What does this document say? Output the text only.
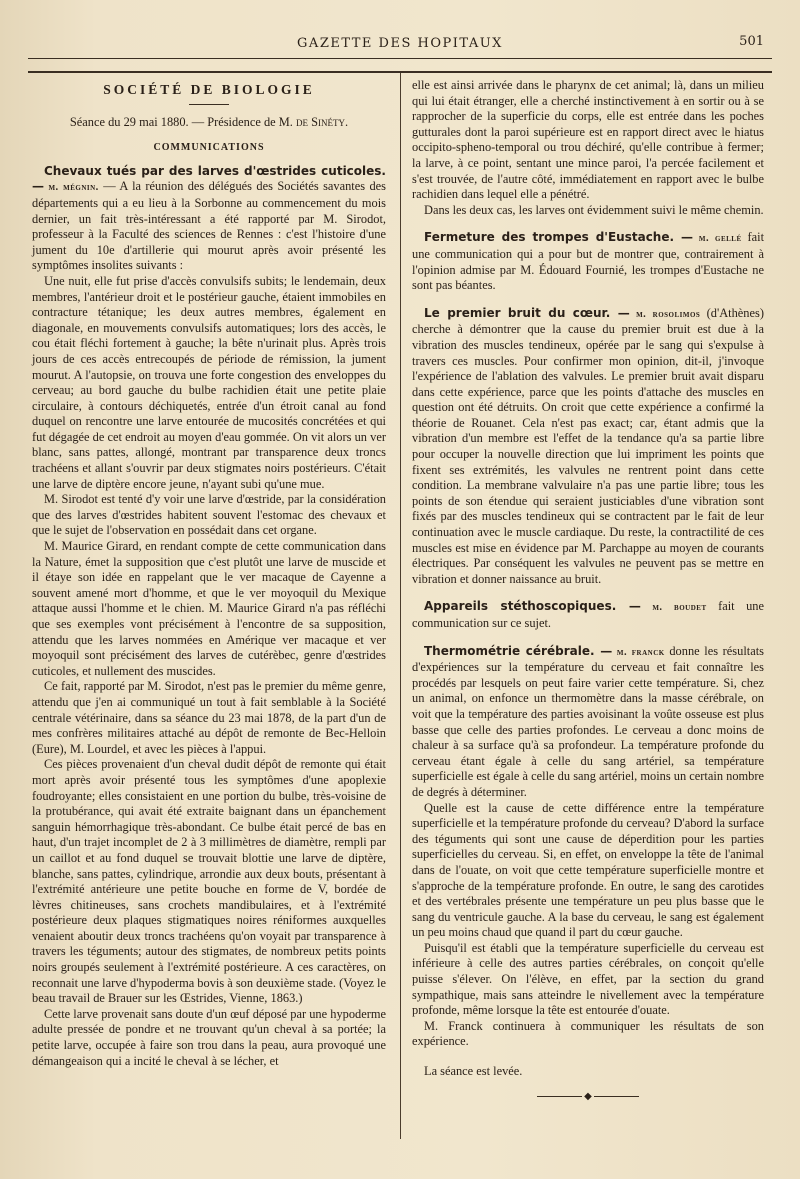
GAZETTE DES HOPITAUX	501

SOCIÉTÉ DE BIOLOGIE

Séance du 29 mai 1880. — Présidence de M. de Sinéty.

COMMUNICATIONS

Chevaux tués par des larves d'œstrides cuticoles. — m. mégnin. — A la réunion des délégués des Sociétés savantes des départements qui a eu lieu à la Sorbonne au commencement du mois dernier, un fait très-intéressant a été rapporté par M. Sirodot, professeur à la Faculté des sciences de Rennes : c'est l'histoire d'une jument du 10e d'artillerie qui mourut après avoir présenté les symptômes insolites suivants :

Une nuit, elle fut prise d'accès convulsifs subits; le lendemain, deux membres, l'antérieur droit et le postérieur gauche, étaient immobiles en contracture tétanique; les deux autres membres, également en diagonale, en mouvements convulsifs automatiques; lors des accès, le cou était fléchi fortement à gauche; la bête n'urinait plus. Après trois jours de ces accès entrecoupés de période de rémission, la jument mourut. A l'autopsie, on trouva une forte congestion des enveloppes du cerveau; au bord gauche du bulbe rachidien était une petite plaie circulaire, à contours déchiquetés, entrée d'un étroit canal au fond duquel on rencontre une larve entourée de mucosités concrétées et qui fut dégagée de cet endroit au moyen d'eau gommée. On vit alors un ver blanc, sans pattes, allongé, montrant par transparence deux troncs trachéens et allant s'ouvrir par deux stigmates noirs postérieurs. C'était une larve de diptère encore jeune, n'ayant subi qu'une mue.

M. Sirodot est tenté d'y voir une larve d'œstride, par la considération que des larves d'œstrides habitent souvent l'estomac des chevaux et que le sujet de l'observation en possédait dans cet organe.

M. Maurice Girard, en rendant compte de cette communication dans la Nature, émet la supposition que c'est plutôt une larve de muscide et il étaye son idée en rappelant que le ver macaque de Cayenne a souvent amené mort d'homme, et que le ver moyoquil du Mexique attaque aussi l'homme et le chien. M. Maurice Girard n'a pas réfléchi que ses exemples vont précisément à l'encontre de sa supposition, attendu que les larves nommées en Amérique ver macaque et ver moyoquil sont précisément des larves de cutérèbec, genre d'œstrides cuticoles, et nullement des muscides.

Ce fait, rapporté par M. Sirodot, n'est pas le premier du même genre, attendu que j'en ai communiqué un tout à fait semblable à la Société centrale vétérinaire, dans sa séance du 23 mai 1878, de la part d'un de mes confrères militaires attaché au dépôt de remonte de Bec-Helloin (Eure), M. Lourdel, et avec les pièces à l'appui.

Ces pièces provenaient d'un cheval dudit dépôt de remonte qui était mort après avoir présenté tous les symptômes d'une apoplexie foudroyante; elles consistaient en une portion du bulbe, très-voisine de la protubérance, qui avait été extraite baignant dans un épanchement sanguin hémorrhagique très-abondant. Ce bulbe était percé de bas en haut, d'un trajet incomplet de 2 à 3 millimètres de diamètre, rempli par un caillot et au fond duquel se trouvait blottie une larve de diptère, blanche, sans pattes, cylindrique, arrondie aux deux bouts, présentant à l'extrémité antérieure une petite bouche en forme de V, bordée de lèvres chitineuses, sans crochets mandibulaires, et à l'extrémité postérieure deux plaques stigmatiques noires réniformes auxquelles venaient aboutir deux troncs trachéens qu'on voyait par transparence à travers les téguments; autour des stigmates, de nombreux petits points noirs groupés seulement à l'extrémité postérieure. A ces caractères, on reconnait une larve d'hypoderma bovis à son deuxième stade. (Voyez le beau travail de Brauer sur les Œstrides, Vienne, 1863.)

Cette larve provenait sans doute d'un œuf déposé par une hypoderme adulte pressée de pondre et ne trouvant qu'un cheval à sa portée; la petite larve, occupée à faire son trou dans la peau, aura provoqué une démangeaison qui a incité le cheval à se lécher, et

elle est ainsi arrivée dans le pharynx de cet animal; là, dans un milieu qui lui était étranger, elle a cherché instinctivement à en sortir ou à se rapprocher de la superficie du corps, elle est entrée dans les poches gutturales dont la paroi supérieure est en rapport direct avec le hiatus occipito-spheno-temporal ou trou déchiré, qu'elle contribue à fermer; la larve, à ce point, sentant une mince paroi, l'a percée facilement et s'est trouvée, de l'autre côté, immédiatement en rapport avec le bulbe rachidien dans lequel elle a pénétré.

Dans les deux cas, les larves ont évidemment suivi le même chemin.

Fermeture des trompes d'Eustache. — m. gellé fait une communication qui a pour but de montrer que, contrairement à l'opinion admise par M. Édouard Fournié, les trompes d'Eustache ne sont pas béantes.

Le premier bruit du cœur. — m. rosolimos (d'Athènes) cherche à démontrer que la cause du premier bruit est due à la vibration des muscles tendineux, opérée par le sang qui s'expulse à travers ces muscles. Pour confirmer mon opinion, dit-il, j'invoque l'expérience de l'ablation des valvules. Le premier bruit avait disparu dans cette expérience, parce que les points d'attache des muscles en question ont été détruits. On croit que cette expérience a confirmé la théorie de Rouanet. Cela n'est pas exact; car, étant admis que la vibration d'un membre est l'effet de la tendance qu'a sa partie libre pour occuper la nouvelle direction que lui impriment les points que fixent ses extrémités, les valvules ne rentrent point dans cette condition. La membrane valvulaire n'a pas une partie libre; tous les points de son étendue qui seraient justiciables d'une vibration sont fixés par des muscles tendineux qui se contractent par le fait de leur continuation avec le muscle cardiaque. Du reste, la contractilité de ces muscles est mise en évidence par M. Parchappe au moyen de courants électriques. Par conséquent les valvules ne peuvent pas se mettre en vibration et donner naissance au bruit.

Appareils stéthoscopiques. — m. boudet fait une communication sur ce sujet.

Thermométrie cérébrale. — m. franck donne les résultats d'expériences sur la température du cerveau et fait connaître les procédés par lesquels on peut faire varier cette température. Si, chez un animal, on enfonce un thermomètre dans la masse cérébrale, on voit que la température des parties avoisinant la voûte osseuse est plus basse que celle des parties profondes. Le cerveau a donc moins de chaleur à sa surface qu'à sa profondeur. La température profonde du cerveau étant égale à celle du sang artériel, sa température superficielle est égale à celle du sang artériel, moins un certain nombre de degrés à déterminer.

Quelle est la cause de cette différence entre la température superficielle et la température profonde du cerveau? D'abord la surface des téguments qui sont une cause de déperdition pour les parties superficielles du cerveau. Si, en effet, on enveloppe la tête de l'animal dans de l'ouate, on voit que cette température superficielle montre et s'approche de la température profonde. En outre, le sang des carotides et des vertébrales présente une température un peu plus basse que le sang du ventricule gauche. A la base du cerveau, le sang est également un peu moins chaud que quand il part du cœur gauche.

Puisqu'il est établi que la température superficielle du cerveau est inférieure à celle des autres parties cérébrales, on conçoit qu'elle puisse s'élever. On l'élève, en effet, par la section du grand sympathique, mais sans atteindre le nivellement avec la température profonde, même lorsque la tête est entourée d'ouate.

M. Franck continuera à communiquer les résultats de son expérience.

La séance est levée.

◆
